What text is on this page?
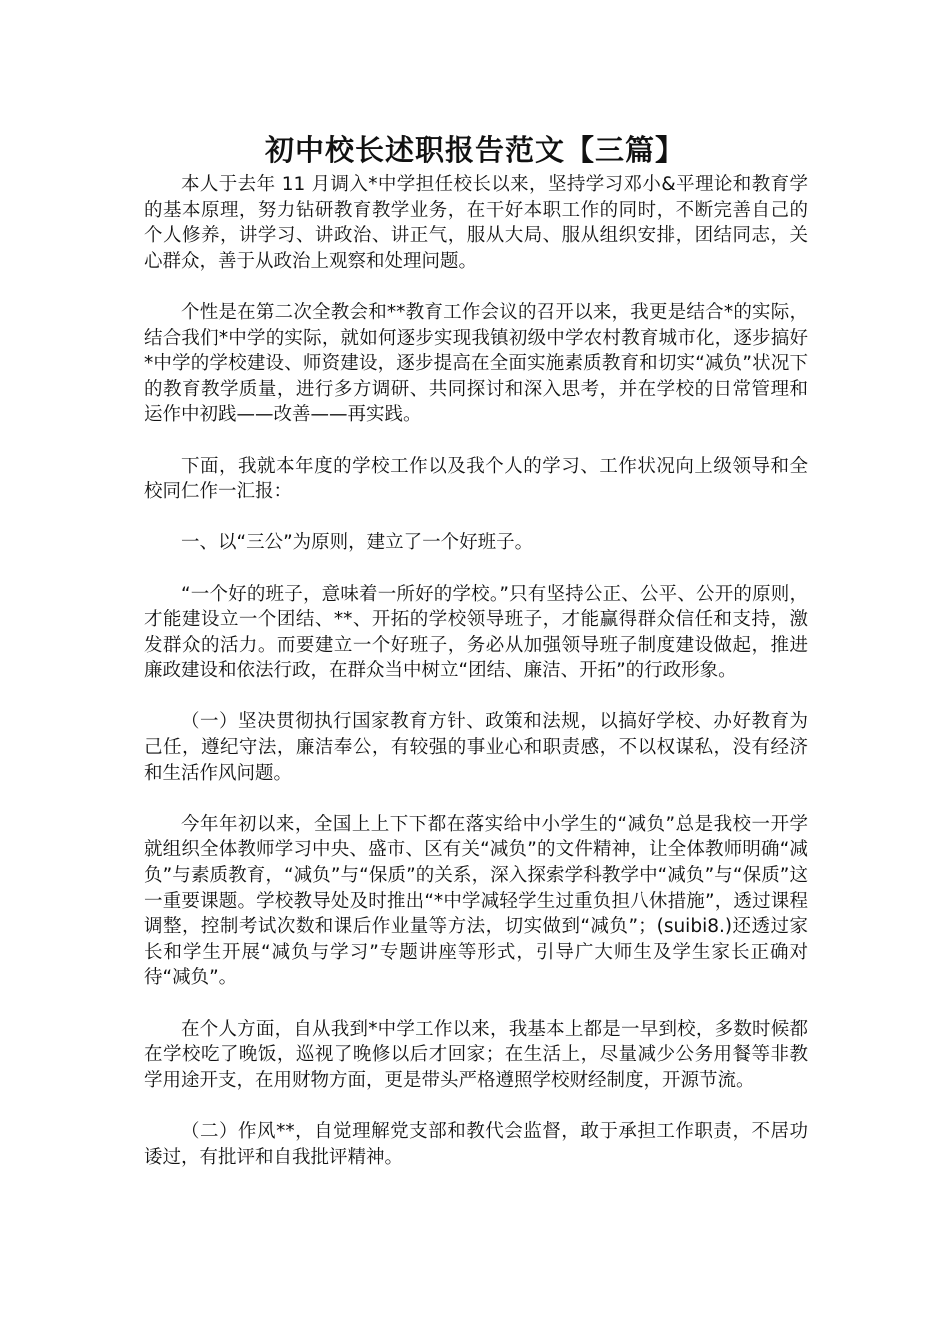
初中校长述职报告范文【三篇】

本人于去年 11 月调入*中学担任校长以来，坚持学习邓小&平理论和教育学的基本原理，努力钻研教育教学业务，在干好本职工作的同时，不断完善自己的个人修养，讲学习、讲政治、讲正气，服从大局、服从组织安排，团结同志，关心群众，善于从政治上观察和处理问题。

个性是在第二次全教会和**教育工作会议的召开以来，我更是结合*的实际，结合我们*中学的实际，就如何逐步实现我镇初级中学农村教育城市化，逐步搞好*中学的学校建设、师资建设，逐步提高在全面实施素质教育和切实“减负”状况下的教育教学质量，进行多方调研、共同探讨和深入思考，并在学校的日常管理和运作中初践——改善——再实践。

下面，我就本年度的学校工作以及我个人的学习、工作状况向上级领导和全校同仁作一汇报：

一、以“三公”为原则，建立了一个好班子。

“一个好的班子，意味着一所好的学校。”只有坚持公正、公平、公开的原则，才能建设立一个团结、**、开拓的学校领导班子，才能赢得群众信任和支持，激发群众的活力。而要建立一个好班子，务必从加强领导班子制度建设做起，推进廉政建设和依法行政，在群众当中树立“团结、廉洁、开拓”的行政形象。

（一）坚决贯彻执行国家教育方针、政策和法规，以搞好学校、办好教育为己任，遵纪守法，廉洁奉公，有较强的事业心和职责感，不以权谋私，没有经济和生活作风问题。

今年年初以来，全国上上下下都在落实给中小学生的“减负”总是我校一开学就组织全体教师学习中央、盛市、区有关“减负”的文件精神，让全体教师明确“减负”与素质教育，“减负”与“保质”的关系，深入探索学科教学中“减负”与“保质”这一重要课题。学校教导处及时推出“*中学减轻学生过重负担八休措施”，透过课程调整，控制考试次数和课后作业量等方法，切实做到“减负”；(suibi8.)还透过家长和学生开展“减负与学习”专题讲座等形式，引导广大师生及学生家长正确对待“减负”。

在个人方面，自从我到*中学工作以来，我基本上都是一早到校，多数时候都在学校吃了晚饭，巡视了晚修以后才回家；在生活上，尽量减少公务用餐等非教学用途开支，在用财物方面，更是带头严格遵照学校财经制度，开源节流。

（二）作风**，自觉理解党支部和教代会监督，敢于承担工作职责，不居功诿过，有批评和自我批评精神。
